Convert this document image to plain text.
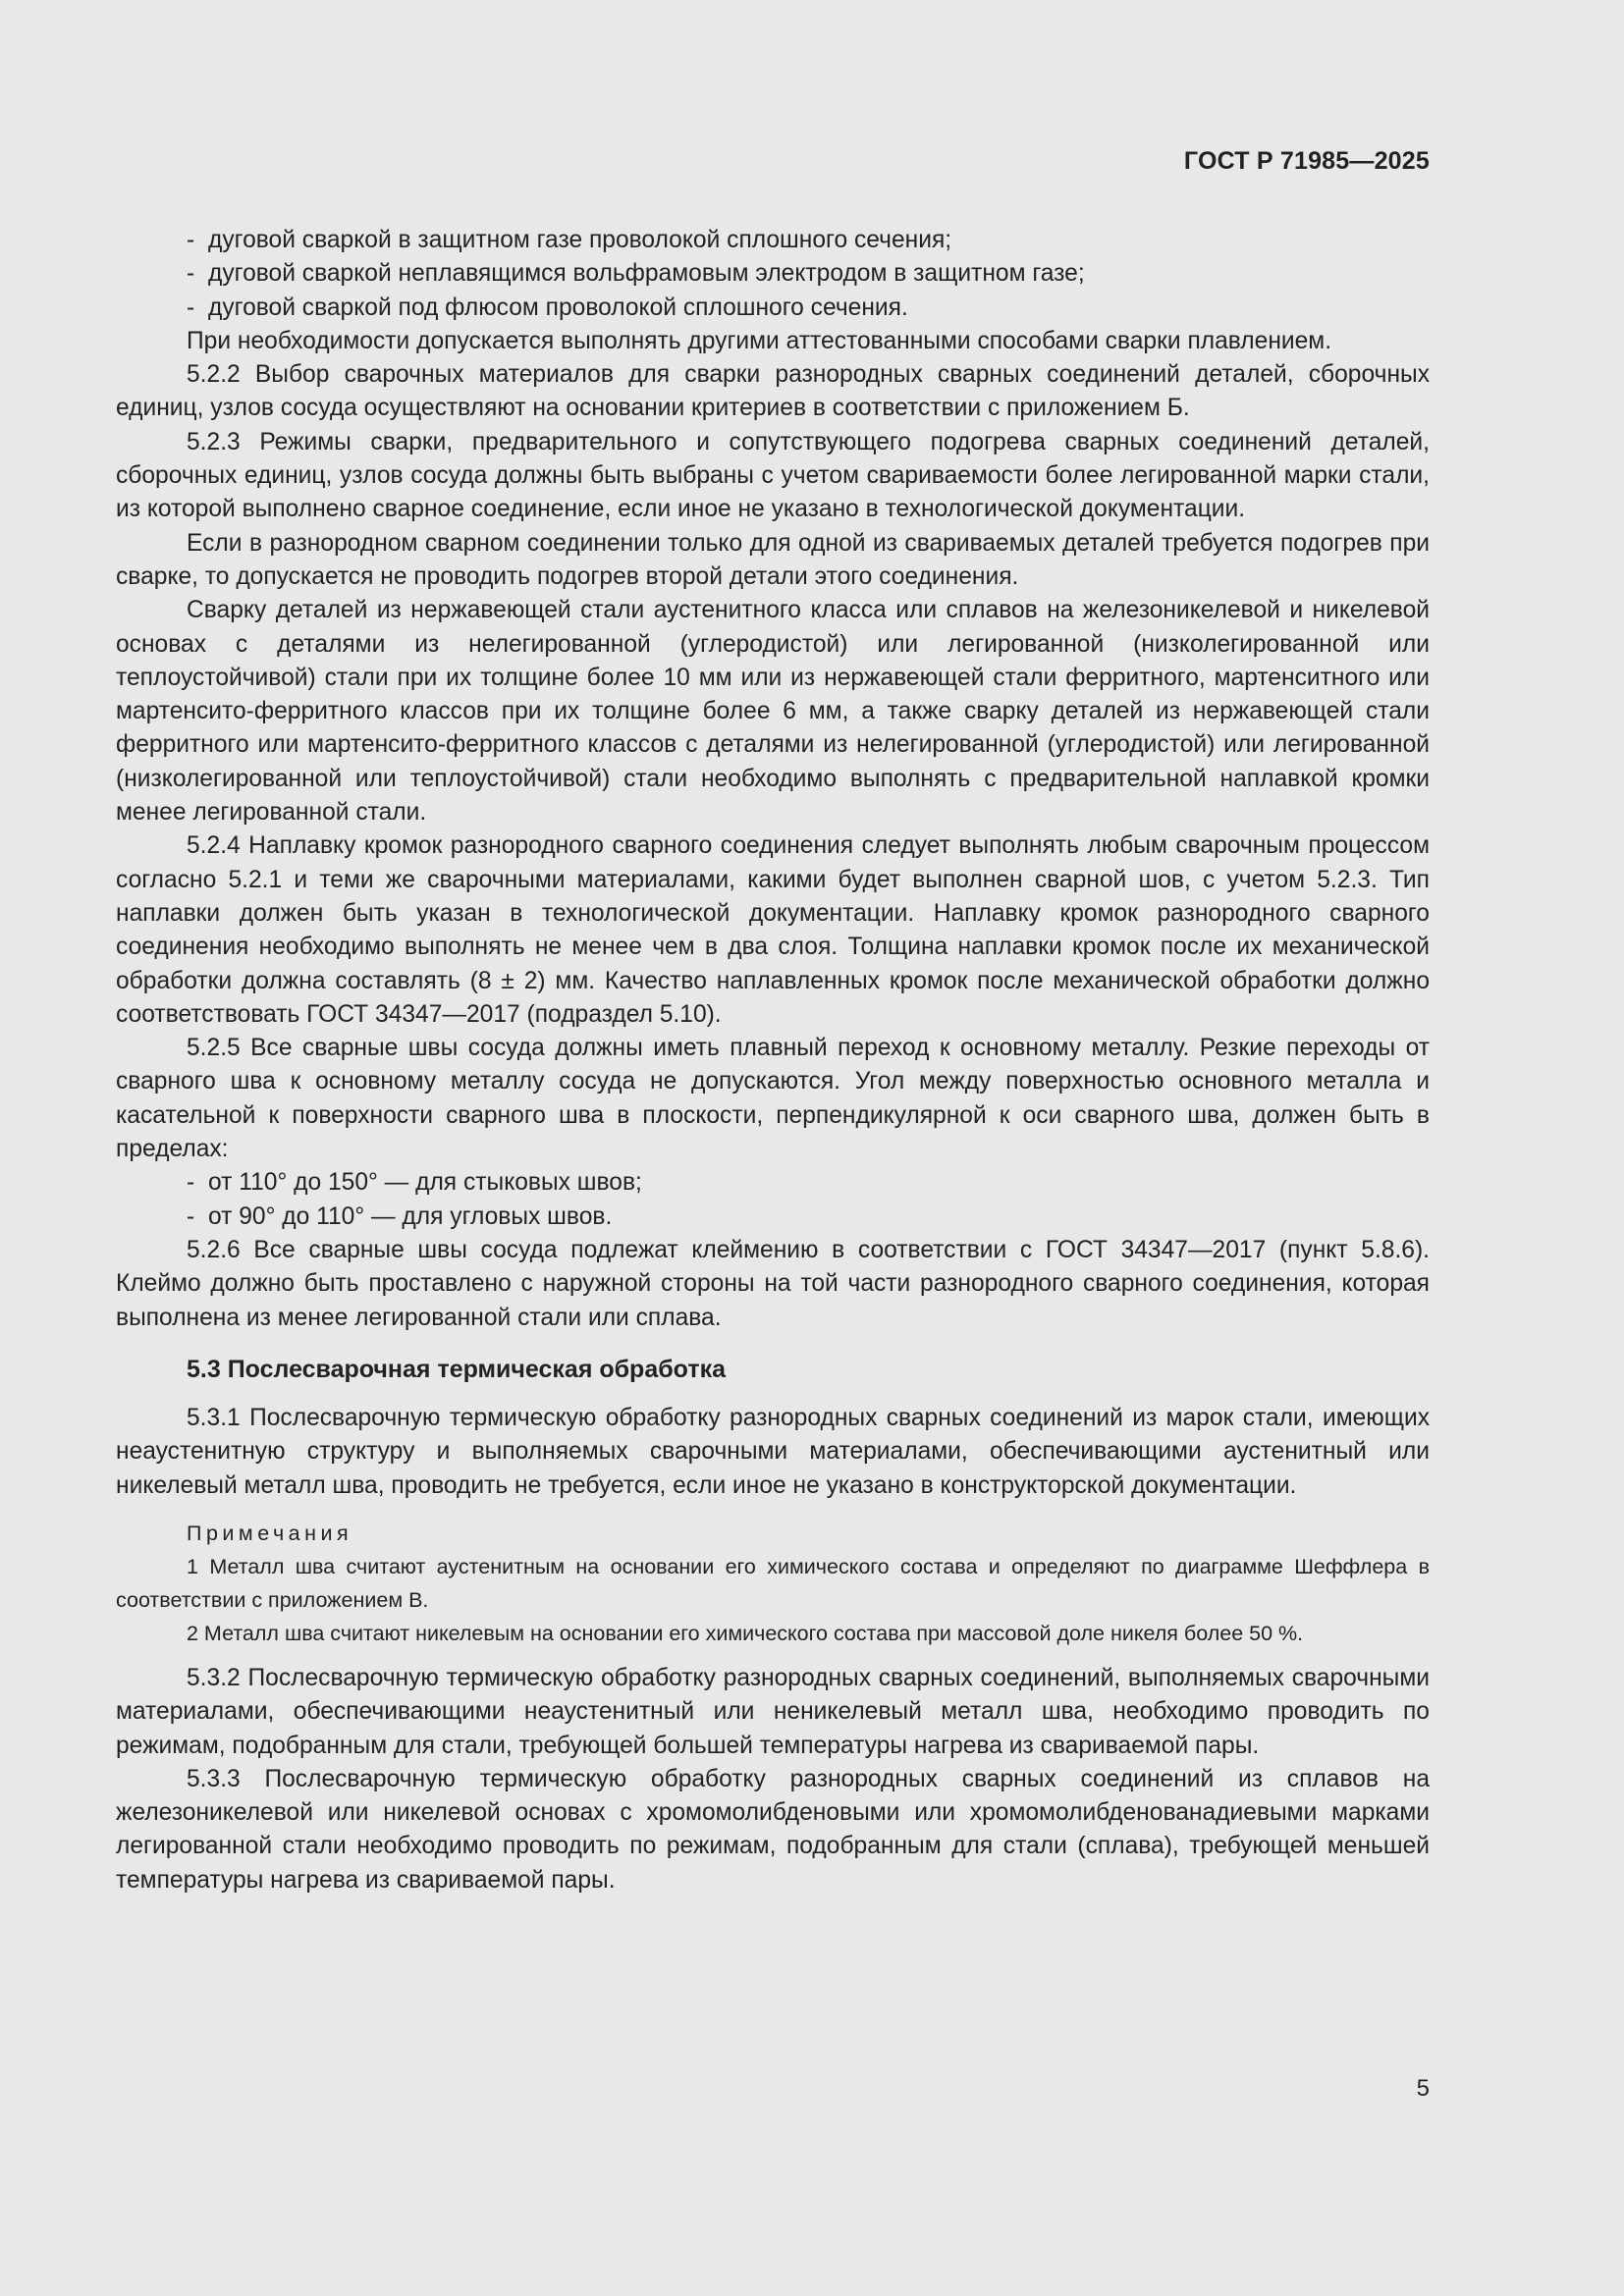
ГОСТ Р 71985—2025

- дуговой сваркой в защитном газе проволокой сплошного сечения;

- дуговой сваркой неплавящимся вольфрамовым электродом в защитном газе;

- дуговой сваркой под флюсом проволокой сплошного сечения.

При необходимости допускается выполнять другими аттестованными способами сварки плавлением.

5.2.2 Выбор сварочных материалов для сварки разнородных сварных соединений деталей, сборочных единиц, узлов сосуда осуществляют на основании критериев в соответствии с приложением Б.

5.2.3 Режимы сварки, предварительного и сопутствующего подогрева сварных соединений деталей, сборочных единиц, узлов сосуда должны быть выбраны с учетом свариваемости более легированной марки стали, из которой выполнено сварное соединение, если иное не указано в технологической документации.

Если в разнородном сварном соединении только для одной из свариваемых деталей требуется подогрев при сварке, то допускается не проводить подогрев второй детали этого соединения.

Сварку деталей из нержавеющей стали аустенитного класса или сплавов на железоникелевой и никелевой основах с деталями из нелегированной (углеродистой) или легированной (низколегированной или теплоустойчивой) стали при их толщине более 10 мм или из нержавеющей стали ферритного, мартенситного или мартенсито-ферритного классов при их толщине более 6 мм, а также сварку деталей из нержавеющей стали ферритного или мартенсито-ферритного классов с деталями из нелегированной (углеродистой) или легированной (низколегированной или теплоустойчивой) стали необходимо выполнять с предварительной наплавкой кромки менее легированной стали.

5.2.4 Наплавку кромок разнородного сварного соединения следует выполнять любым сварочным процессом согласно 5.2.1 и теми же сварочными материалами, какими будет выполнен сварной шов, с учетом 5.2.3. Тип наплавки должен быть указан в технологической документации. Наплавку кромок разнородного сварного соединения необходимо выполнять не менее чем в два слоя. Толщина наплавки кромок после их механической обработки должна составлять (8 ± 2) мм. Качество наплавленных кромок после механической обработки должно соответствовать ГОСТ 34347—2017 (подраздел 5.10).

5.2.5 Все сварные швы сосуда должны иметь плавный переход к основному металлу. Резкие переходы от сварного шва к основному металлу сосуда не допускаются. Угол между поверхностью основного металла и касательной к поверхности сварного шва в плоскости, перпендикулярной к оси сварного шва, должен быть в пределах:

- от 110° до 150° — для стыковых швов;

- от 90° до 110° — для угловых швов.

5.2.6 Все сварные швы сосуда подлежат клеймению в соответствии с ГОСТ 34347—2017 (пункт 5.8.6). Клеймо должно быть проставлено с наружной стороны на той части разнородного сварного соединения, которая выполнена из менее легированной стали или сплава.

5.3 Послесварочная термическая обработка

5.3.1 Послесварочную термическую обработку разнородных сварных соединений из марок стали, имеющих неаустенитную структуру и выполняемых сварочными материалами, обеспечивающими аустенитный или никелевый металл шва, проводить не требуется, если иное не указано в конструкторской документации.

Примечания

1 Металл шва считают аустенитным на основании его химического состава и определяют по диаграмме Шеффлера в соответствии с приложением В.

2 Металл шва считают никелевым на основании его химического состава при массовой доле никеля более 50 %.

5.3.2 Послесварочную термическую обработку разнородных сварных соединений, выполняемых сварочными материалами, обеспечивающими неаустенитный или неникелевый металл шва, необходимо проводить по режимам, подобранным для стали, требующей большей температуры нагрева из свариваемой пары.

5.3.3 Послесварочную термическую обработку разнородных сварных соединений из сплавов на железоникелевой или никелевой основах с хромомолибденовыми или хромомолибденованадиевыми марками легированной стали необходимо проводить по режимам, подобранным для стали (сплава), требующей меньшей температуры нагрева из свариваемой пары.

5
